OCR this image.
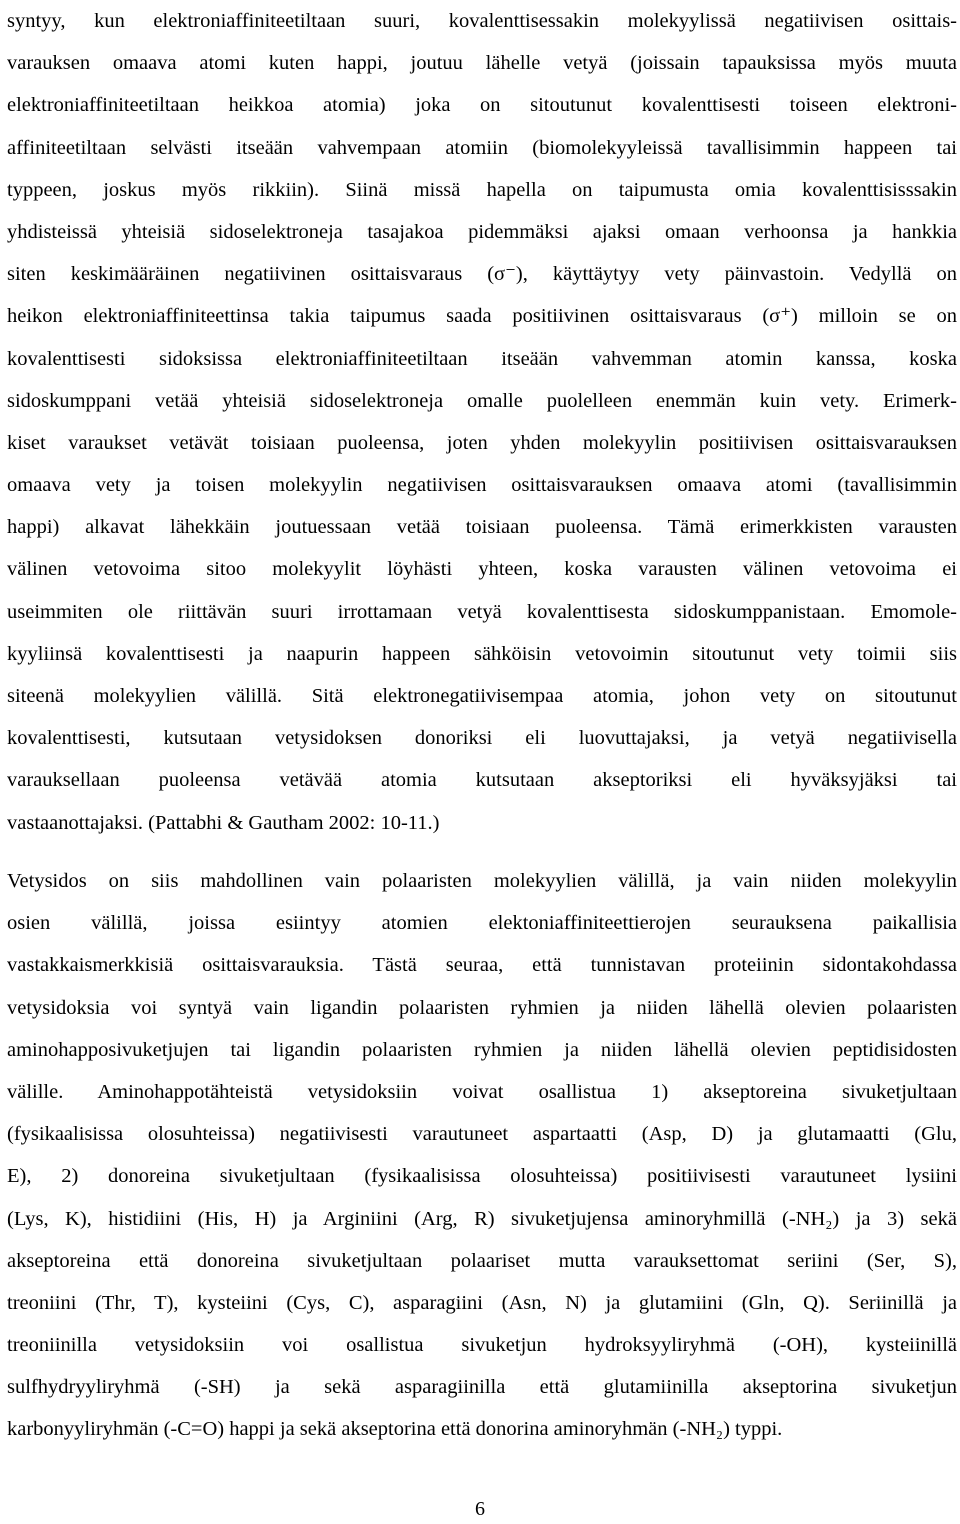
syntyy, kun elektroniaffiniteetiltaan suuri, kovalenttisessakin molekyylissä negatiivisen osittais-
varauksen omaava atomi kuten happi, joutuu lähelle vetyä (joissain tapauksissa myös muuta
elektroniaffiniteetiltaan heikkoa atomia) joka on sitoutunut kovalenttisesti toiseen elektroni-
affiniteetiltaan selvästi itseään vahvempaan atomiin (biomolekyyleissä tavallisimmin happeen tai
typpeen, joskus myös rikkiin). Siinä missä hapella on taipumusta omia kovalenttisisssakin
yhdisteissä yhteisiä sidoselektroneja tasajakoa pidemmäksi ajaksi omaan verhoonsa ja hankkia
siten keskimääräinen negatiivinen osittaisvaraus (σ⁻), käyttäytyy vety päinvastoin. Vedyllä on
heikon elektroniaffiniteettinsa takia taipumus saada positiivinen osittaisvaraus (σ⁺) milloin se on
kovalenttisesti sidoksissa elektroniaffiniteetiltaan itseään vahvemman atomin kanssa, koska
sidoskumppani vetää yhteisiä sidoselektroneja omalle puolelleen enemmän kuin vety. Erimerk-
kiset varaukset vetävät toisiaan puoleensa, joten yhden molekyylin positiivisen osittaisvarauksen
omaava vety ja toisen molekyylin negatiivisen osittaisvarauksen omaava atomi (tavallisimmin
happi) alkavat lähekkäin joutuessaan vetää toisiaan puoleensa. Tämä erimerkkisten varausten
välinen vetovoima sitoo molekyylit löyhästi yhteen, koska varausten välinen vetovoima ei
useimmiten ole riittävän suuri irrottamaan vetyä kovalenttisesta sidoskumppanistaan. Emomole-
kyyliinsä kovalenttisesti ja naapurin happeen sähköisin vetovoimin sitoutunut vety toimii siis
siteenä molekyylien välillä. Sitä elektronegatiivisempaa atomia, johon vety on sitoutunut
kovalenttisesti, kutsutaan vetysidoksen donoriksi eli luovuttajaksi, ja vetyä negatiivisella
varauksellaan puoleensa vetävää atomia kutsutaan akseptoriksi eli hyväksyjäksi tai
vastaanottajaksi. (Pattabhi & Gautham 2002: 10-11.)
Vetysidos on siis mahdollinen vain polaaristen molekyylien välillä, ja vain niiden molekyylin
osien välillä, joissa esiintyy atomien elektoniaffiniteettierojen seurauksena paikallisia
vastakkaismerkkisiä osittaisvarauksia. Tästä seuraa, että tunnistavan proteiinin sidontakohdassa
vetysidoksia voi syntyä vain ligandin polaaristen ryhmien ja niiden lähellä olevien polaaristen
aminohapposivuketjujen tai ligandin polaaristen ryhmien ja niiden lähellä olevien peptidisidosten
välille. Aminohappotähteistä vetysidoksiin voivat osallistua 1) akseptoreina sivuketjultaan
(fysikaalisissa olosuhteissa) negatiivisesti varautuneet aspartaatti (Asp, D) ja glutamaatti (Glu,
E), 2) donoreina sivuketjultaan (fysikaalisissa olosuhteissa) positiivisesti varautuneet lysiini
(Lys, K), histidiini (His, H) ja Arginiini (Arg, R) sivuketjujensa aminoryhmillä (-NH₂) ja 3) sekä
akseptoreina että donoreina sivuketjultaan polaariset mutta varauksettomat seriini (Ser, S),
treoniini (Thr, T), kysteiini (Cys, C), asparagiini (Asn, N) ja glutamiini (Gln, Q). Seriinillä ja
treoniinilla vetysidoksiin voi osallistua sivuketjun hydroksyyliryhmä (-OH), kysteiinillä
sulfhydryyliryhmä (-SH) ja sekä asparagiinilla että glutamiinilla akseptorina sivuketjun
karbonyyliryhmän (-C=O) happi ja sekä akseptorina että donorina aminoryhmän (-NH₂) typpi.
6
